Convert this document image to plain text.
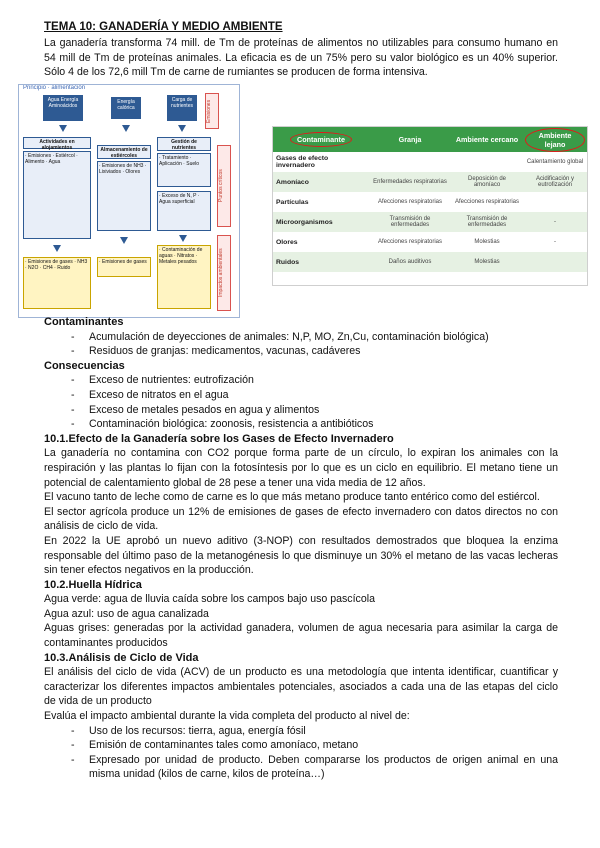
TEMA 10: GANADERÍA Y MEDIO AMBIENTE

La ganadería transforma 74 mill. de Tm de proteínas de alimentos no utilizables para consumo humano en 54 mill de Tm de proteínas animales. La eficacia es de un 75% pero su valor biológico es un 40% superior. Sólo 4 de los 72,6 mill Tm de carne de rumiantes se producen de forma intensiva.

Principio · alimentación
Agua Energía Aminoácidos
Energía calórica
Carga de nutrientes	Emisiones
Actividades en alojamientos
· Emisiones · Estiércol · Alimento · Agua
Almacenamiento de estiércoles
· Emisiones de NH3 · Lixiviados · Olores
Gestión de nutrientes
· Tratamiento · Aplicación · Suelo
· Exceso de N, P · Agua superficial	Puntos críticos
· Emisiones de gases · NH3 · N2O · CH4 · Ruido
· Emisiones de gases
· Contaminación de aguas · Nitratos · Metales pesados	Impactos ambientales
Contaminante	Granja	Ambiente cercano	Ambiente lejano
Gases de efecto invernadero			Calentamiento global
Amoníaco	Enfermedades respiratorias	Deposición de amoníaco	Acidificación y eutrofización
Partículas	Afecciones respiratorias	Afecciones respiratorias	
Microorganismos	Transmisión de enfermedades	Transmisión de enfermedades	-
Olores	Afecciones respiratorias	Molestias	-
Ruidos	Daños auditivos	Molestias	

Contaminantes

- Acumulación de deyecciones de animales: N,P, MO, Zn,Cu, contaminación biológica)
- Residuos de granjas: medicamentos, vacunas, cadáveres

Consecuencias

- Exceso de nutrientes: eutrofización
- Exceso de nitratos en el agua
- Exceso de metales pesados en agua y alimentos
- Contaminación biológica: zoonosis, resistencia a antibióticos

10.1.Efecto de la Ganadería sobre los Gases de Efecto Invernadero

La ganadería no contamina con CO2 porque forma parte de un círculo, lo expiran los animales con la respiración y las plantas lo fijan con la fotosíntesis por lo que es un ciclo en equilibrio. El metano tiene un potencial de calentamiento global de 28 pese a tener una vida media de 12 años.

El vacuno tanto de leche como de carne es lo que más metano produce tanto entérico como del estiércol.

El sector agrícola produce un 12% de emisiones de gases de efecto invernadero con datos directos no con análisis de ciclo de vida.

En 2022 la UE aprobó un nuevo aditivo (3-NOP) con resultados demostrados que bloquea la enzima responsable del último paso de la metanogénesis lo que disminuye un 30% el metano de las vacas lecheras sin tener efectos negativos en la producción.

10.2.Huella Hídrica

Agua verde: agua de lluvia caída sobre los campos bajo uso pascícola

Agua azul: uso de agua canalizada

Aguas grises: generadas por la actividad ganadera, volumen de agua necesaria para asimilar la carga de contaminantes producidos

10.3.Análisis de Ciclo de Vida

El análisis del ciclo de vida (ACV) de un producto es una metodología que intenta identificar, cuantificar y caracterizar los diferentes impactos ambientales potenciales, asociados a cada una de las etapas del ciclo de vida de un producto

Evalúa el impacto ambiental durante la vida completa del producto al nivel de:

- Uso de los recursos: tierra, agua, energía fósil
- Emisión de contaminantes tales como amoníaco, metano
- Expresado por unidad de producto. Deben compararse los productos de origen animal en una misma unidad (kilos de carne, kilos de proteína…)
